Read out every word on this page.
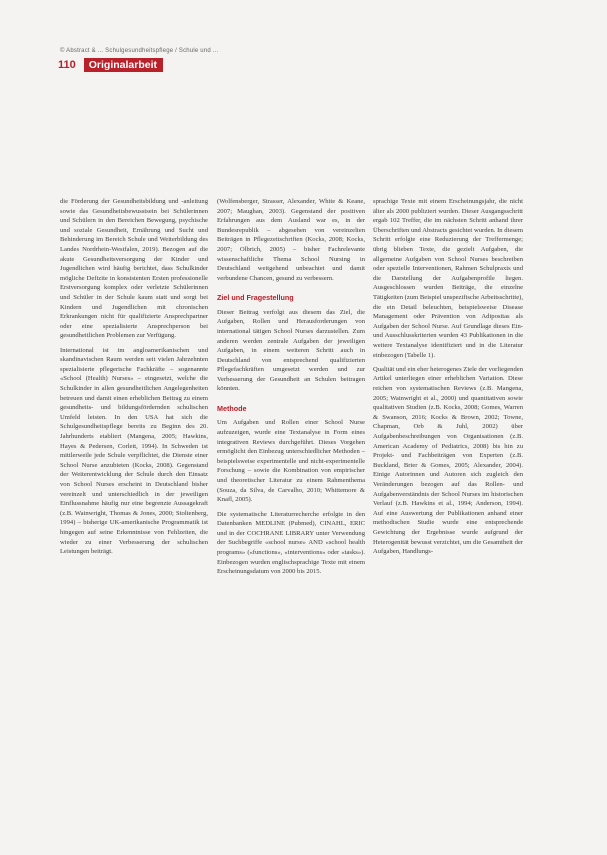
© Abstract & ... Schulgesundheitspflege / Schule und ...
110	Originalarbeit

die Förderung der Gesundheitsbildung und -anleitung sowie das Gesundheitsbewusstsein bei Schülerinnen und Schülern in den Bereichen Bewegung, psychische und soziale Gesundheit, Ernährung und Sucht und Behinderung im Bereich Schule und Weiterbildung des Landes Nordrhein-Westfalen, 2019). Bezogen auf die akute Gesundheitsversorgung der Kinder und Jugendlichen wird häufig berichtet, dass Schulkinder mögliche Defizite in konsistenten Ersten professionelle Erstversorgung komplex oder verletzte Schülerinnen und Schüler in der Schule kaum statt und sorgt bei Kindern und Jugendlichen mit chronischen Erkrankungen nicht für qualifizierte Ansprechpartner oder eine spezialisierte Ansprechperson bei gesundheitlichen Problemen zur Verfügung.

International ist im angloamerikanischen und skandinavischen Raum werden seit vielen Jahrzehnten spezialisierte pflegerische Fachkräfte – sogenannte «School (Health) Nurses» – eingesetzt, welche die Schulkinder in allen gesundheitlichen Angelegenheiten betreuen und damit einen erheblichen Beitrag zu einem gesundheits- und bildungsfördernden schulischen Umfeld leisten. In den USA hat sich die Schulgesundheitspflege bereits zu Beginn des 20. Jahrhunderts etabliert (Mangena, 2005; Hawkins, Hayes & Pedersen, Corlett, 1994). In Schweden ist mittlerweile jede Schule verpflichtet, die Dienste einer School Nurse anzubieten (Kocks, 2008). Gegenstand der Weiterentwicklung der Schule durch den Einsatz von School Nurses erscheint in Deutschland bisher vereinzelt und unterschiedlich in der jeweiligen Einflussnahme häufig nur eine begrenzte Aussagekraft (z.B. Wainwright, Thomas & Jones, 2000; Stoltenberg, 1994) – bisherige UK-amerikanische Programmatik ist hingegen auf seine Erkenntnisse von Fehlzeiten, die wieder zu einer Verbesserung der schulischen Leistungen beiträgt.

(Wolfensberger, Strasser, Alexander, White & Keane, 2007; Maughan, 2003). Gegenstand der positiven Erfahrungen aus dem Ausland war es, in der Bundesrepublik – abgesehen von vereinzelten Beiträgen in Pflegezeitschriften (Kocks, 2008; Kocks, 2007; Olbrich, 2005) – bisher Fachrelevante wissenschaftliche Thema School Nursing in Deutschland weitgehend unbeachtet und damit verbundene Chancen, gesund zu verbessern.

Ziel und Fragestellung

Dieser Beitrag verfolgt aus diesem das Ziel, die Aufgaben, Rollen und Herausforderungen von international tätigen School Nurses darzustellen. Zum anderen werden zentrale Aufgaben der jeweiligen Aufgaben, in einem weiteren Schritt auch in Deutschland von entsprechend qualifizierten Pflegefachkräften umgesetzt werden und zur Verbesserung der Gesundheit an Schulen beitragen könnten.

Methode

Um Aufgaben und Rollen einer School Nurse aufzuzeigen, wurde eine Textanalyse in Form eines integrativen Reviews durchgeführt. Dieses Vorgehen ermöglicht den Einbezug unterschiedlicher Methoden – beispielsweise experimentelle und nicht-experimentelle Forschung – sowie die Kombination von empirischer und theoretischer Literatur zu einem Rahmenthema (Souza, da Silva, de Carvalho, 2010; Whittemore & Knafl, 2005).

Die systematische Literaturrecherche erfolgte in den Datenbanken MEDLINE (Pubmed), CINAHL, ERIC und in der COCHRANE LIBRARY unter Verwendung der Suchbegriffe «school nurse» AND «school health programs» («functions», «interventions» oder «tasks»). Einbezogen wurden englischsprachige Texte mit einem Erscheinungsdatum von 2000 bis 2015.

sprachige Texte mit einem Erscheinungsjahr, die nicht älter als 2000 publiziert wurden. Dieser Ausgangsschritt ergab 102 Treffer, die im nächsten Schritt anhand ihrer Überschriften und Abstracts gesichtet wurden. In diesem Schritt erfolgte eine Reduzierung der Treffermenge; übrig blieben Texte, die gezielt Aufgaben, die allgemeine Aufgaben von School Nurses beschreiben oder spezielle Interventionen, Rahmen Schulpraxis und die Darstellung der Aufgabenprofile liegen. Ausgeschlossen wurden Beiträge, die einzelne Tätigkeiten (zum Beispiel unspezifische Arbeitsschritte), die ein Detail beleuchten, beispielsweise Disease Management oder Prävention von Adipositas als Aufgaben der School Nurse. Auf Grundlage dieses Ein- und Ausschlusskriterien wurden 43 Publikationen in die weitere Textanalyse identifiziert und in die Literatur einbezogen (Tabelle 1).

Qualität und ein eher heterogenes Ziele der vorliegenden Artikel unterliegen einer erheblichen Variation. Diese reichen von systematischen Reviews (z.B. Mangena, 2005; Wainwright et al., 2000) und quantitativen sowie qualitativen Studien (z.B. Kocks, 2008; Gomes, Warren & Swanson, 2016; Kocks & Brown, 2002; Towne, Chapman, Orb & Juhl, 2002) über Aufgabenbeschreibungen von Organisationen (z.B. American Academy of Pediatrics, 2008) bis hin zu Projekt- und Fachbeiträgen von Experten (z.B. Buckland, Brier & Gomes, 2005; Alexander, 2004). Einige Autorinnen und Autoren sich zugleich den Veränderungen bezogen auf das Rollen- und Aufgabenverständnis der School Nurses im historischen Verlauf (z.B. Hawkins et al., 1994; Anderson, 1994). Auf eine Auswertung der Publikationen anhand einer methodischen Studie wurde eine entsprechende Gewichtung der Ergebnisse wurde aufgrund der Heterogenität bewusst verzichtet, um die Gesamtheit der Aufgaben, Handlungs-
